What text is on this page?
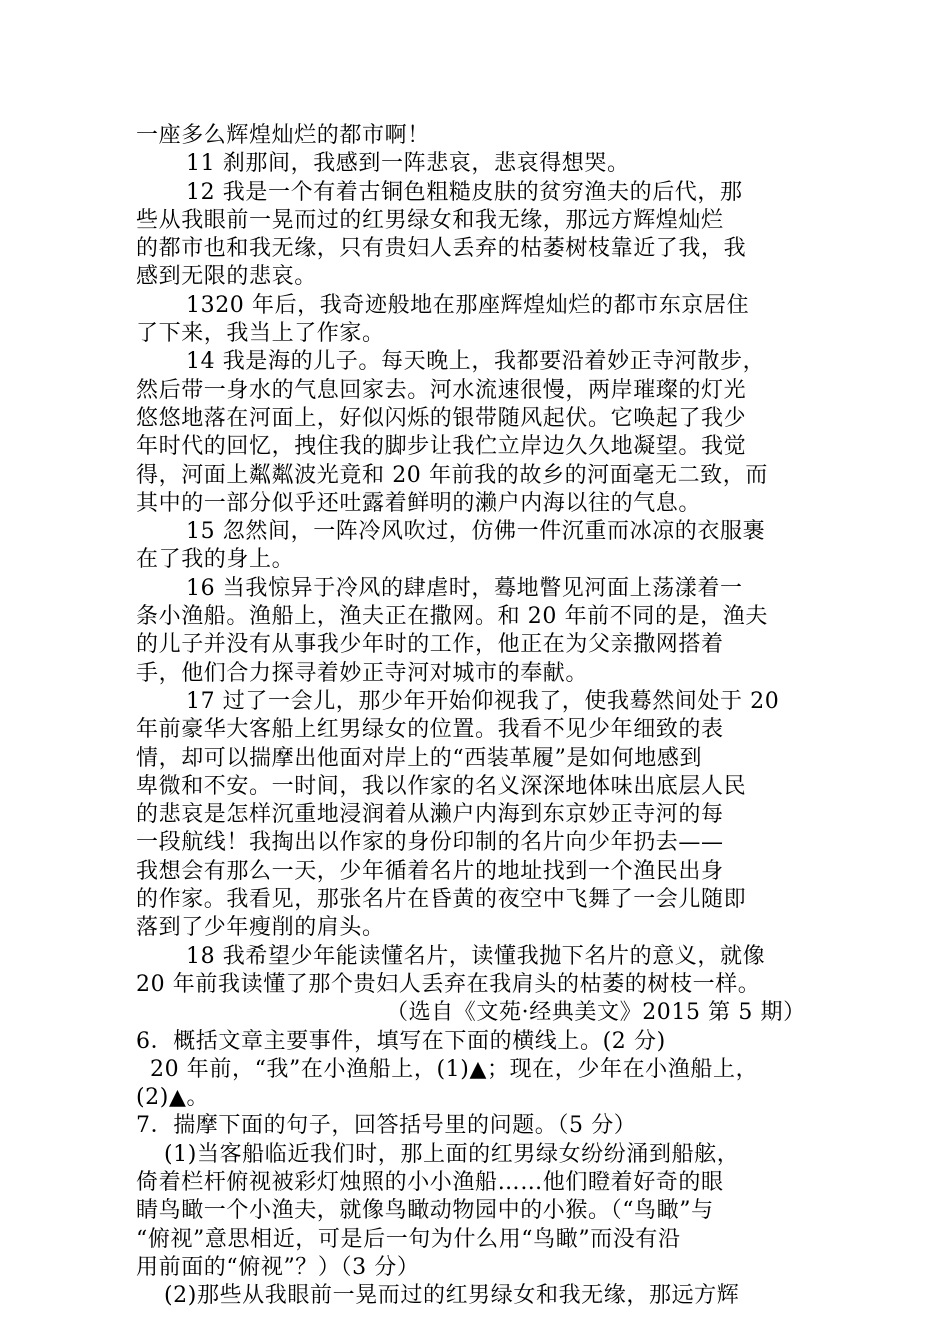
一座多么辉煌灿烂的都市啊！
11 刹那间，我感到一阵悲哀，悲哀得想哭。
12 我是一个有着古铜色粗糙皮肤的贫穷渔夫的后代，那
些从我眼前一晃而过的红男绿女和我无缘，那远方辉煌灿烂
的都市也和我无缘，只有贵妇人丢弃的枯萎树枝靠近了我，我
感到无限的悲哀。
1320 年后，我奇迹般地在那座辉煌灿烂的都市东京居住
了下来，我当上了作家。
14 我是海的儿子。每天晚上，我都要沿着妙正寺河散步，
然后带一身水的气息回家去。河水流速很慢，两岸璀璨的灯光
悠悠地落在河面上，好似闪烁的银带随风起伏。它唤起了我少
年时代的回忆，拽住我的脚步让我伫立岸边久久地凝望。我觉
得，河面上粼粼波光竟和 20 年前我的故乡的河面毫无二致，而
其中的一部分似乎还吐露着鲜明的濑户内海以往的气息。
15 忽然间，一阵冷风吹过，仿佛一件沉重而冰凉的衣服裹
在了我的身上。
16 当我惊异于冷风的肆虐时，蓦地瞥见河面上荡漾着一
条小渔船。渔船上，渔夫正在撒网。和 20 年前不同的是，渔夫
的儿子并没有从事我少年时的工作，他正在为父亲撒网搭着
手，他们合力探寻着妙正寺河对城市的奉献。
17 过了一会儿，那少年开始仰视我了，使我蓦然间处于 20
年前豪华大客船上红男绿女的位置。我看不见少年细致的表
情，却可以揣摩出他面对岸上的“西装革履”是如何地感到
卑微和不安。一时间，我以作家的名义深深地体味出底层人民
的悲哀是怎样沉重地浸润着从濑户内海到东京妙正寺河的每
一段航线！我掏出以作家的身份印制的名片向少年扔去——
我想会有那么一天，少年循着名片的地址找到一个渔民出身
的作家。我看见，那张名片在昏黄的夜空中飞舞了一会儿随即
落到了少年瘦削的肩头。
18 我希望少年能读懂名片，读懂我抛下名片的意义，就像
20 年前我读懂了那个贵妇人丢弃在我肩头的枯萎的树枝一样。
（选自《文苑·经典美文》2015 第 5 期）
6．概括文章主要事件，填写在下面的横线上。(2 分)
20 年前，“我”在小渔船上，(1)▲；现在，少年在小渔船上，
(2)▲。
7．揣摩下面的句子，回答括号里的问题。（5 分）
(1)当客船临近我们时，那上面的红男绿女纷纷涌到船舷，
倚着栏杆俯视被彩灯烛照的小小渔船……他们瞪着好奇的眼
睛鸟瞰一个小渔夫，就像鸟瞰动物园中的小猴。（“鸟瞰”与
“俯视”意思相近，可是后一句为什么用“鸟瞰”而没有沿
用前面的“俯视”？）（3 分）
(2)那些从我眼前一晃而过的红男绿女和我无缘，那远方辉
